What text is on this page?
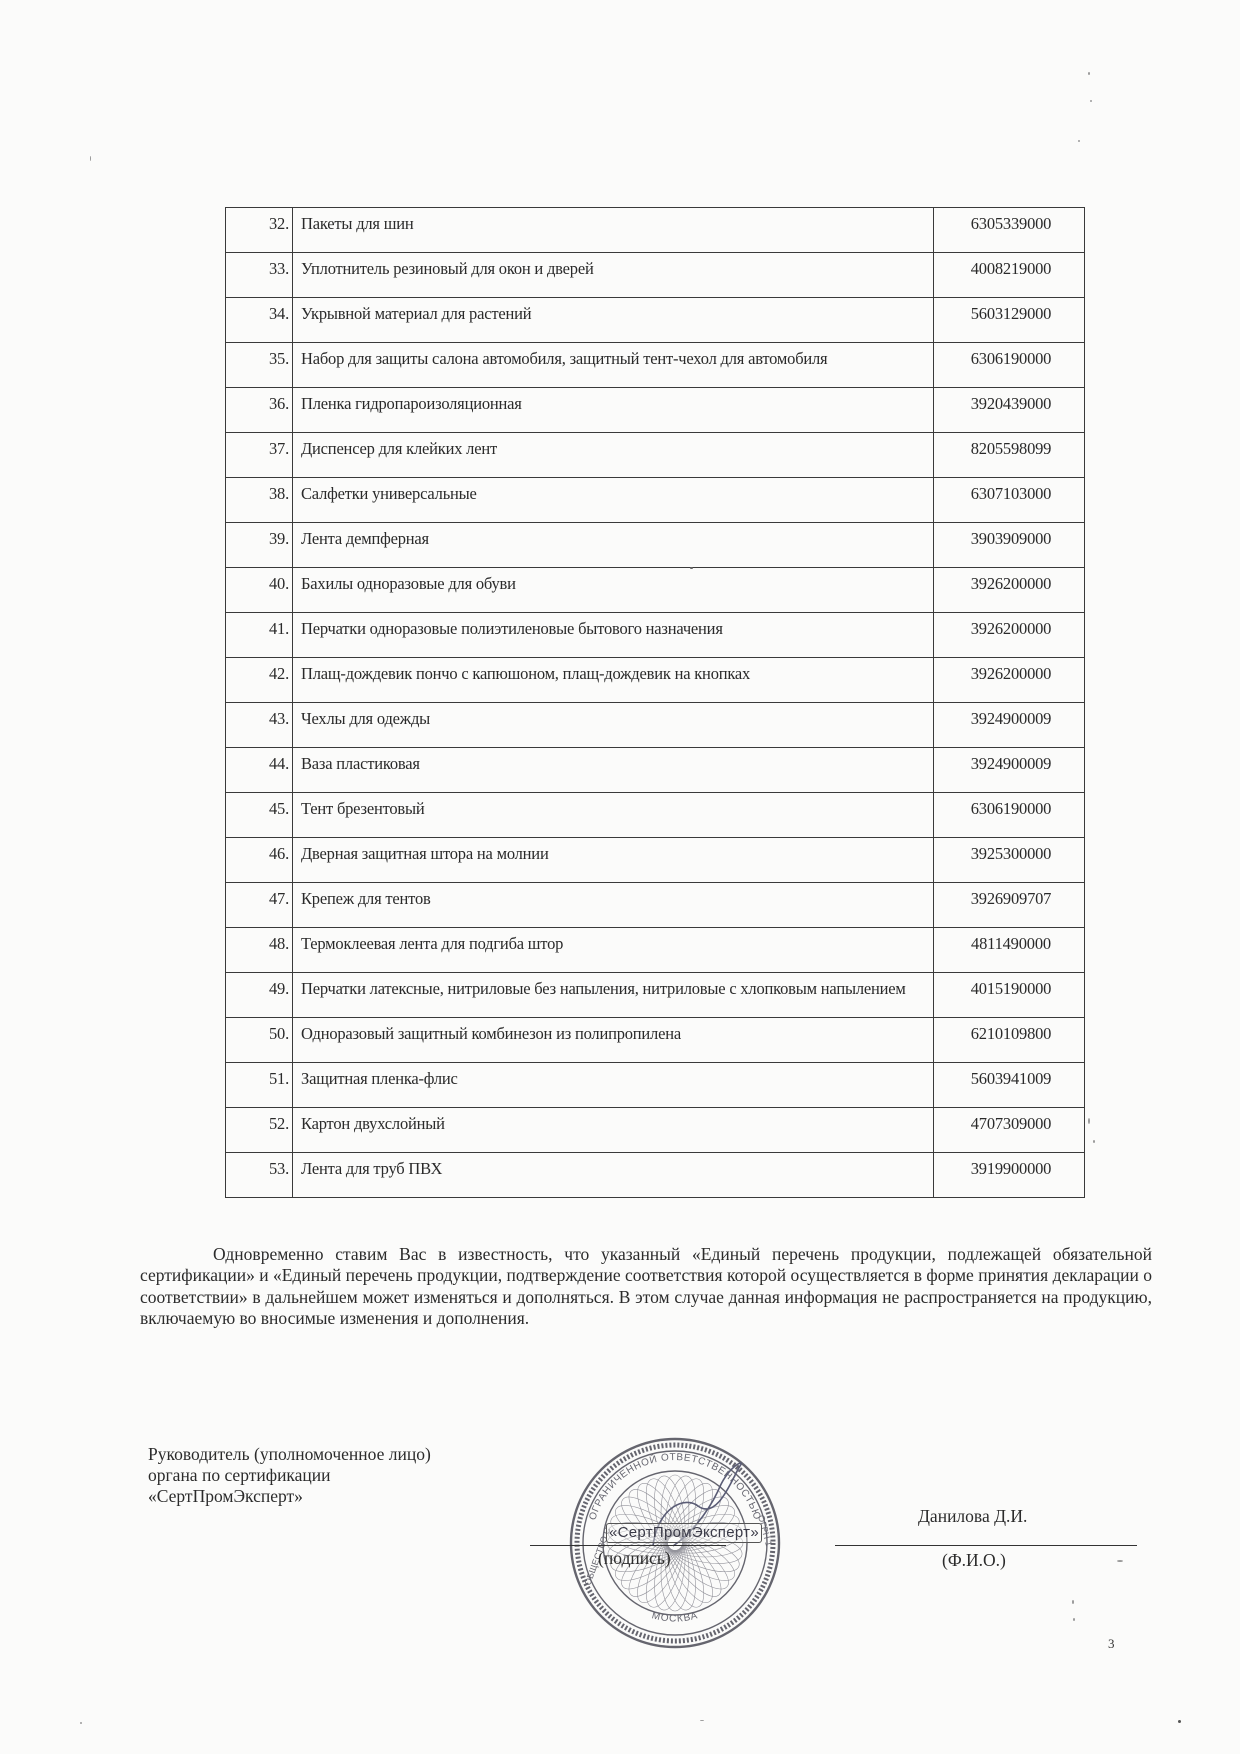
32.	Пакеты для шин	6305339000
33.	Уплотнитель резиновый для окон и дверей	4008219000
34.	Укрывной материал для растений	5603129000
35.	Набор для защиты салона автомобиля, защитный тент-чехол для автомобиля	6306190000
36.	Пленка гидропароизоляционная	3920439000
37.	Диспенсер для клейких лент	8205598099
38.	Салфетки универсальные	6307103000
39.	Лента демпферная	3903909000
40.	Бахилы одноразовые для обуви	3926200000
41.	Перчатки одноразовые полиэтиленовые бытового назначения	3926200000
42.	Плащ-дождевик пончо с капюшоном, плащ-дождевик на кнопках	3926200000
43.	Чехлы для одежды	3924900009
44.	Ваза пластиковая	3924900009
45.	Тент брезентовый	6306190000
46.	Дверная защитная штора на молнии	3925300000
47.	Крепеж для тентов	3926909707
48.	Термоклеевая лента для подгиба штор	4811490000
49.	Перчатки латексные, нитриловые без напыления, нитриловые с хлопковым напылением	4015190000
50.	Одноразовый защитный комбинезон из полипропилена	6210109800
51.	Защитная пленка-флис	5603941009
52.	Картон двухслойный	4707309000
53.	Лента для труб ПВХ	3919900000

Одновременно ставим Вас в известность, что указанный «Единый перечень продукции, подлежащей обязательной сертификации» и «Единый перечень продукции, подтверждение соответствия которой осуществляется в форме принятия декларации о соответствии» в дальнейшем может изменяться и дополняться. В этом случае данная информация не распространяется на продукцию, включаемую во вносимые изменения и дополнения.

Руководитель (уполномоченное лицо)
органа по сертификации
«СертПромЭксперт»
ОГРАНИЧЕННОЙ ОТВЕТСТВЕННОСТЬЮ
МОСКВА
ОБЩЕСТВО С	ОГРН 1
«СертПромЭксперт»
(подпись)
Данилова Д.И.
(Ф.И.О.)
3
